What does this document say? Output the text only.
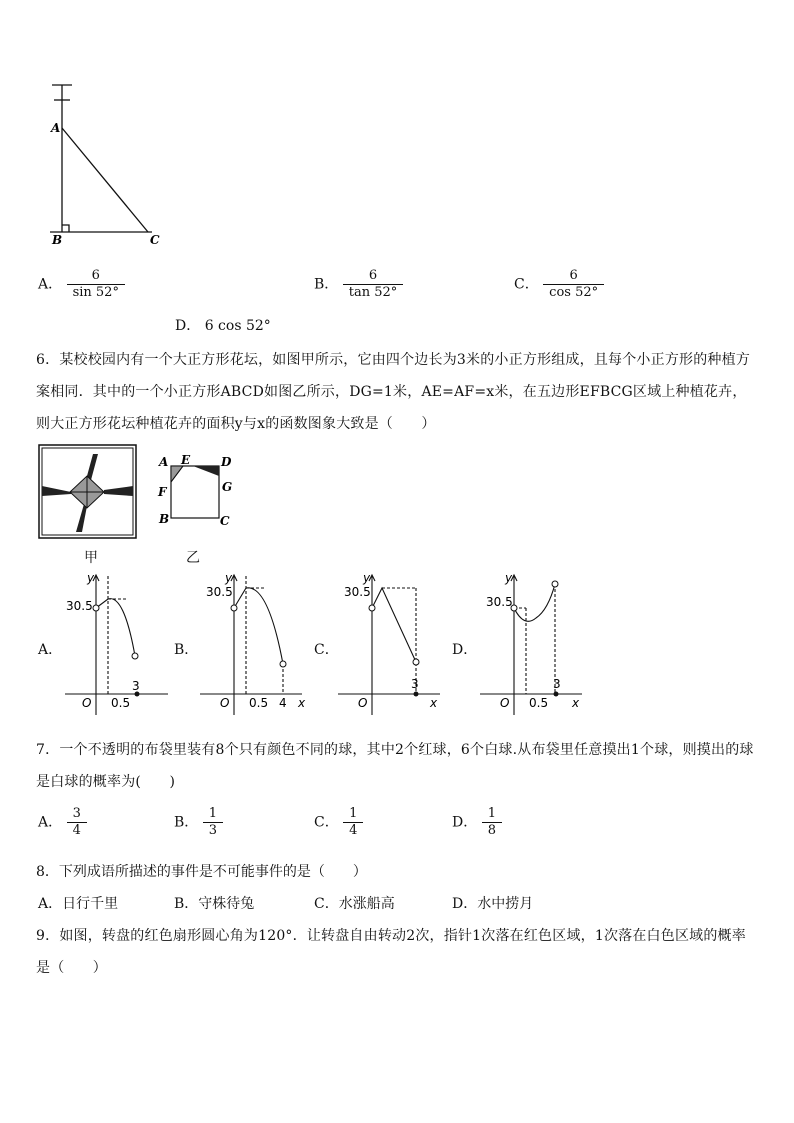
A
B	C
A． $\frac{6}{\sin 52^\circ}$	B． $\frac{6}{\tan 52^\circ}$	C． $\frac{6}{\cos 52^\circ}$
D． 6 cos 52°
6．某校校园内有一个大正方形花坛，如图甲所示，它由四个边长为3米的小正方形组成，且每个小正方形的种植方案相同．其中的一个小正方形ABCD如图乙所示，DG=1米，AE=AF=x米，在五边形EFBCG区域上种植花卉，则大正方形花坛种植花卉的面积y与x的函数图象大致是（　　）
甲
A E	D
F	G
B	C
乙
A．
y
30.5
O 0.5
3
B．
y
30.5
O 0.5 4 x
C．
y
30.5
O
3
x
D．
y
30.5
O 0.5
3
x
7．一个不透明的布袋里装有8个只有颜色不同的球，其中2个红球，6个白球.从布袋里任意摸出1个球，则摸出的球是白球的概率为(　　)
A． $\frac{3}{4}$	B． $\frac{1}{3}$	C． $\frac{1}{4}$	D． $\frac{1}{8}$
8．下列成语所描述的事件是不可能事件的是（　　）
A．日行千里	B．守株待兔	C．水涨船高	D．水中捞月
9．如图，转盘的红色扇形圆心角为120°．让转盘自由转动2次，指针1次落在红色区域，1次落在白色区域的概率是（　　）
